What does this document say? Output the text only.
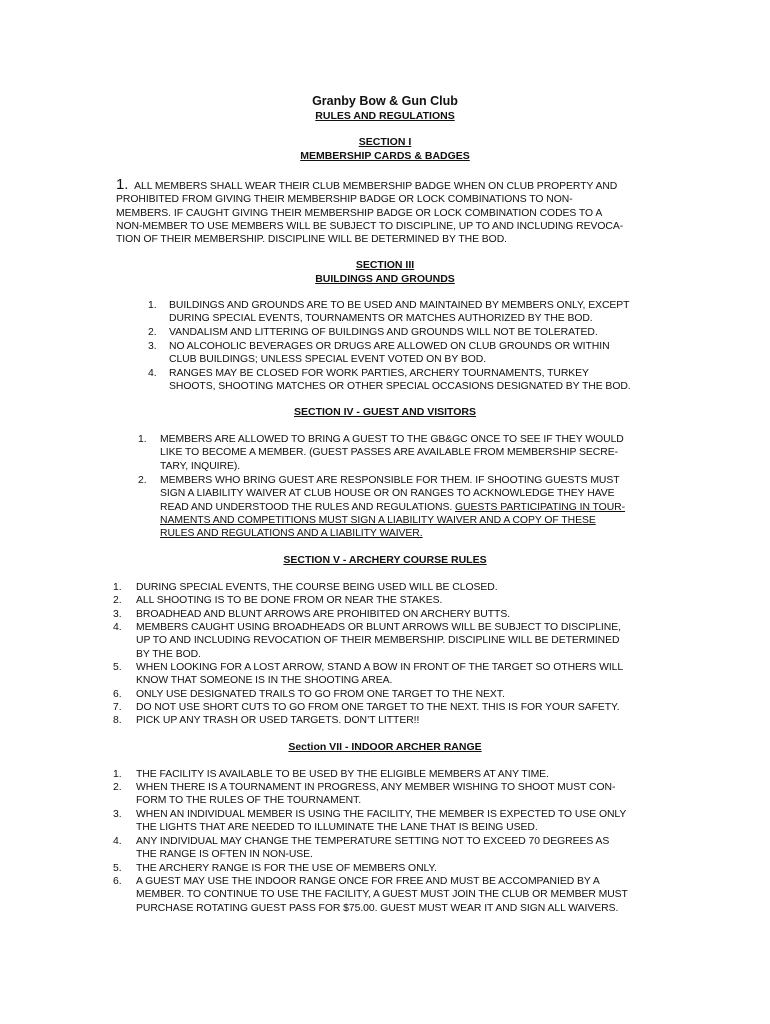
Granby Bow & Gun Club
RULES AND REGULATIONS
SECTION I
MEMBERSHIP CARDS & BADGES
1. ALL MEMBERS SHALL WEAR THEIR CLUB MEMBERSHIP BADGE WHEN ON CLUB PROPERTY AND
PROHIBITED FROM GIVING THEIR MEMBERSHIP BADGE OR LOCK COMBINATIONS TO NON-
MEMBERS. IF CAUGHT GIVING THEIR MEMBERSHIP BADGE OR LOCK COMBINATION CODES TO A
NON-MEMBER TO USE MEMBERS WILL BE SUBJECT TO DISCIPLINE, UP TO AND INCLUDING REVOCA-
TION OF THEIR MEMBERSHIP. DISCIPLINE WILL BE DETERMINED BY THE BOD.
SECTION III
BUILDINGS AND GROUNDS
1. BUILDINGS AND GROUNDS ARE TO BE USED AND MAINTAINED BY MEMBERS ONLY, EXCEPT
DURING SPECIAL EVENTS, TOURNAMENTS OR MATCHES AUTHORIZED BY THE BOD.
2. VANDALISM AND LITTERING OF BUILDINGS AND GROUNDS WILL NOT BE TOLERATED.
3. NO ALCOHOLIC BEVERAGES OR DRUGS ARE ALLOWED ON CLUB GROUNDS OR WITHIN
CLUB BUILDINGS; UNLESS SPECIAL EVENT VOTED ON BY BOD.
4. RANGES MAY BE CLOSED FOR WORK PARTIES, ARCHERY TOURNAMENTS, TURKEY
SHOOTS, SHOOTING MATCHES OR OTHER SPECIAL OCCASIONS DESIGNATED BY THE BOD.
SECTION IV - GUEST AND VISITORS
1. MEMBERS ARE ALLOWED TO BRING A GUEST TO THE GB&GC ONCE TO SEE IF THEY WOULD
LIKE TO BECOME A MEMBER. (GUEST PASSES ARE AVAILABLE FROM MEMBERSHIP SECRE-
TARY, INQUIRE).
2. MEMBERS WHO BRING GUEST ARE RESPONSIBLE FOR THEM. IF SHOOTING GUESTS MUST
SIGN A LIABILITY WAIVER AT CLUB HOUSE OR ON RANGES TO ACKNOWLEDGE THEY HAVE
READ AND UNDERSTOOD THE RULES AND REGULATIONS. GUESTS PARTICIPATING IN TOUR-
NAMENTS AND COMPETITIONS MUST SIGN A LIABILITY WAIVER AND A COPY OF THESE
RULES AND REGULATIONS AND A LIABILITY WAIVER.
SECTION V - ARCHERY COURSE RULES
1. DURING SPECIAL EVENTS, THE COURSE BEING USED WILL BE CLOSED.
2. ALL SHOOTING IS TO BE DONE FROM OR NEAR THE STAKES.
3. BROADHEAD AND BLUNT ARROWS ARE PROHIBITED ON ARCHERY BUTTS.
4. MEMBERS CAUGHT USING BROADHEADS OR BLUNT ARROWS WILL BE SUBJECT TO DISCIPLINE,
UP TO AND INCLUDING REVOCATION OF THEIR MEMBERSHIP. DISCIPLINE WILL BE DETERMINED
BY THE BOD.
5. WHEN LOOKING FOR A LOST ARROW, STAND A BOW IN FRONT OF THE TARGET SO OTHERS WILL
KNOW THAT SOMEONE IS IN THE SHOOTING AREA.
6. ONLY USE DESIGNATED TRAILS TO GO FROM ONE TARGET TO THE NEXT.
7. DO NOT USE SHORT CUTS TO GO FROM ONE TARGET TO THE NEXT. THIS IS FOR YOUR SAFETY.
8. PICK UP ANY TRASH OR USED TARGETS. DON’T LITTER!!
Section VII - INDOOR ARCHER RANGE
1. THE FACILITY IS AVAILABLE TO BE USED BY THE ELIGIBLE MEMBERS AT ANY TIME.
2. WHEN THERE IS A TOURNAMENT IN PROGRESS, ANY MEMBER WISHING TO SHOOT MUST CON-
FORM TO THE RULES OF THE TOURNAMENT.
3. WHEN AN INDIVIDUAL MEMBER IS USING THE FACILITY, THE MEMBER IS EXPECTED TO USE ONLY
THE LIGHTS THAT ARE NEEDED TO ILLUMINATE THE LANE THAT IS BEING USED.
4. ANY INDIVIDUAL MAY CHANGE THE TEMPERATURE SETTING NOT TO EXCEED 70 DEGREES AS
THE RANGE IS OFTEN IN NON-USE.
5. THE ARCHERY RANGE IS FOR THE USE OF MEMBERS ONLY.
6. A GUEST MAY USE THE INDOOR RANGE ONCE FOR FREE AND MUST BE ACCOMPANIED BY A
MEMBER. TO CONTINUE TO USE THE FACILITY, A GUEST MUST JOIN THE CLUB OR MEMBER MUST
PURCHASE ROTATING GUEST PASS FOR $75.00. GUEST MUST WEAR IT AND SIGN ALL WAIVERS.
